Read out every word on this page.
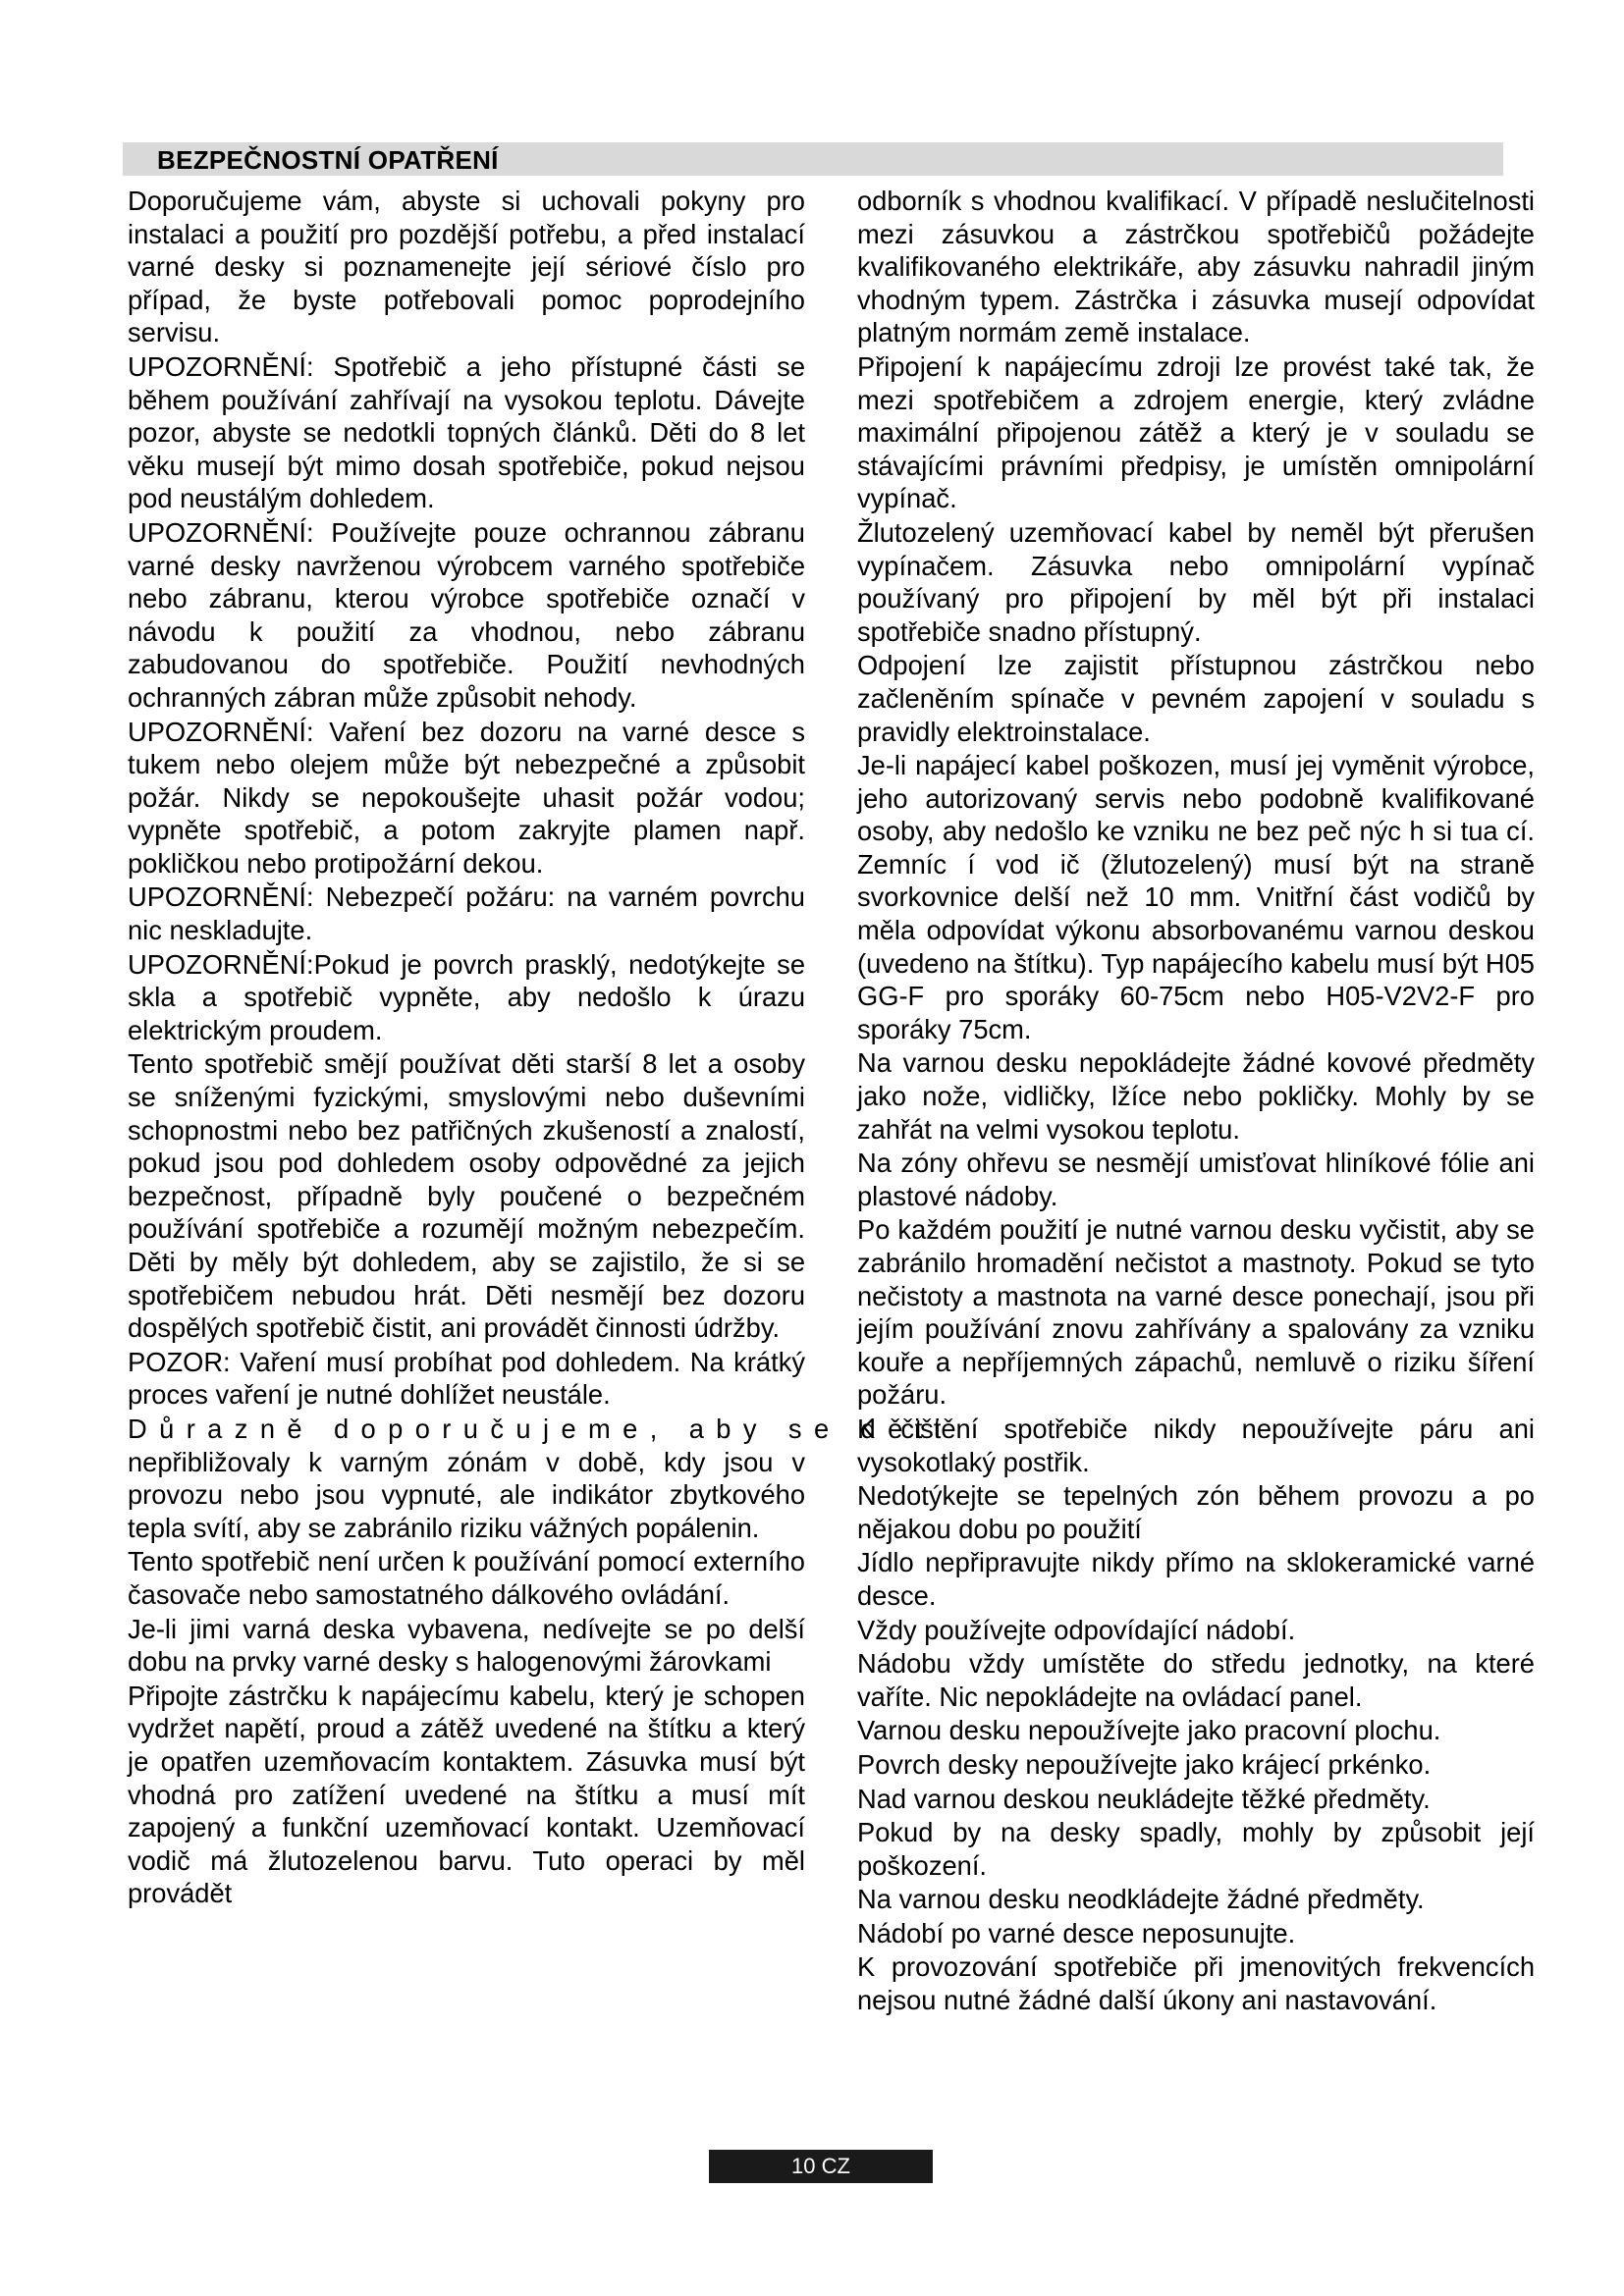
BEZPEČNOSTNÍ OPATŘENÍ

Doporučujeme vám, abyste si uchovali pokyny pro instalaci a použití pro pozdější potřebu, a před instalací varné desky si poznamenejte její sériové číslo pro případ, že byste potřebovali pomoc poprodejního servisu.

UPOZORNĚNÍ: Spotřebič a jeho přístupné části se během používání zahřívají na vysokou teplotu. Dávejte pozor, abyste se nedotkli topných článků. Děti do 8 let věku musejí být mimo dosah spotřebiče, pokud nejsou pod neustálým dohledem.

UPOZORNĚNÍ: Používejte pouze ochrannou zábranu varné desky navrženou výrobcem varného spotřebiče nebo zábranu, kterou výrobce spotřebiče označí v návodu k použití za vhodnou, nebo zábranu zabudovanou do spotřebiče. Použití nevhodných ochranných zábran může způsobit nehody.

UPOZORNĚNÍ: Vaření bez dozoru na varné desce s tukem nebo olejem může být nebezpečné a způsobit požár. Nikdy se nepokoušejte uhasit požár vodou; vypněte spotřebič, a potom zakryjte plamen např. pokličkou nebo protipožární dekou.

UPOZORNĚNÍ: Nebezpečí požáru: na varném povrchu nic neskladujte.

UPOZORNĚNÍ:Pokud je povrch prasklý, nedotýkejte se skla a spotřebič vypněte, aby nedošlo k úrazu elektrickým proudem.

Tento spotřebič smějí používat děti starší 8 let a osoby se sníženými fyzickými, smyslovými nebo duševními schopnostmi nebo bez patřičných zkušeností a znalostí, pokud jsou pod dohledem osoby odpovědné za jejich bezpečnost, případně byly poučené o bezpečném používání spotřebiče a rozumějí možným nebezpečím. Děti by měly být dohledem, aby se zajistilo, že si se spotřebičem nebudou hrát. Děti nesmějí bez dozoru dospělých spotřebič čistit, ani provádět činnosti údržby.

POZOR: Vaření musí probíhat pod dohledem. Na krátký proces vaření je nutné dohlížet neustále.

Důrazně doporučujeme, aby se děti

nepřibližovaly k varným zónám v době, kdy jsou v provozu nebo jsou vypnuté, ale indikátor zbytkového tepla svítí, aby se zabránilo riziku vážných popálenin.

Tento spotřebič není určen k používání pomocí externího časovače nebo samostatného dálkového ovládání.

Je-li jimi varná deska vybavena, nedívejte se po delší dobu na prvky varné desky s halogenovými žárovkami

Připojte zástrčku k napájecímu kabelu, který je schopen vydržet napětí, proud a zátěž uvedené na štítku a který je opatřen uzemňovacím kontaktem. Zásuvka musí být vhodná pro zatížení uvedené na štítku a musí mít zapojený a funkční uzemňovací kontakt. Uzemňovací vodič má žlutozelenou barvu. Tuto operaci by měl provádět

odborník s vhodnou kvalifikací. V případě neslučitelnosti mezi zásuvkou a zástrčkou spotřebičů požádejte kvalifikovaného elektrikáře, aby zásuvku nahradil jiným vhodným typem. Zástrčka i zásuvka musejí odpovídat platným normám země instalace.

Připojení k napájecímu zdroji lze provést také tak, že mezi spotřebičem a zdrojem energie, který zvládne maximální připojenou zátěž a který je v souladu se stávajícími právními předpisy, je umístěn omnipolární vypínač.

Žlutozelený uzemňovací kabel by neměl být přerušen vypínačem. Zásuvka nebo omnipolární vypínač používaný pro připojení by měl být při instalaci spotřebiče snadno přístupný.

Odpojení lze zajistit přístupnou zástrčkou nebo začleněním spínače v pevném zapojení v souladu s pravidly elektroinstalace.

Je-li napájecí kabel poškozen, musí jej vyměnit výrobce, jeho autorizovaný servis nebo podobně kvalifikované osoby, aby nedošlo ke vzniku ne bez peč nýc h si tua cí. Zemníc í vod ič (žlutozelený) musí být na straně svorkovnice delší než 10 mm. Vnitřní část vodičů by měla odpovídat výkonu absorbovanému varnou deskou (uvedeno na štítku). Typ napájecího kabelu musí být H05 GG-F pro sporáky 60-75cm nebo H05-V2V2-F pro sporáky 75cm.

Na varnou desku nepokládejte žádné kovové předměty jako nože, vidličky, lžíce nebo pokličky. Mohly by se zahřát na velmi vysokou teplotu.

Na zóny ohřevu se nesmějí umisťovat hliníkové fólie ani plastové nádoby.

Po každém použití je nutné varnou desku vyčistit, aby se zabránilo hromadění nečistot a mastnoty. Pokud se tyto nečistoty a mastnota na varné desce ponechají, jsou při jejím používání znovu zahřívány a spalovány za vzniku kouře a nepříjemných zápachů, nemluvě o riziku šíření požáru.

K čištění spotřebiče nikdy nepoužívejte páru ani vysokotlaký postřik.

Nedotýkejte se tepelných zón během provozu a po nějakou dobu po použití

Jídlo nepřipravujte nikdy přímo na sklokeramické varné desce.

Vždy používejte odpovídající nádobí.

Nádobu vždy umístěte do středu jednotky, na které vaříte. Nic nepokládejte na ovládací panel.

Varnou desku nepoužívejte jako pracovní plochu.

Povrch desky nepoužívejte jako krájecí prkénko.

Nad varnou deskou neukládejte těžké předměty.

Pokud by na desky spadly, mohly by způsobit její poškození.

Na varnou desku neodkládejte žádné předměty.

Nádobí po varné desce neposunujte.

K provozování spotřebiče při jmenovitých frekvencích nejsou nutné žádné další úkony ani nastavování.

10 CZ
